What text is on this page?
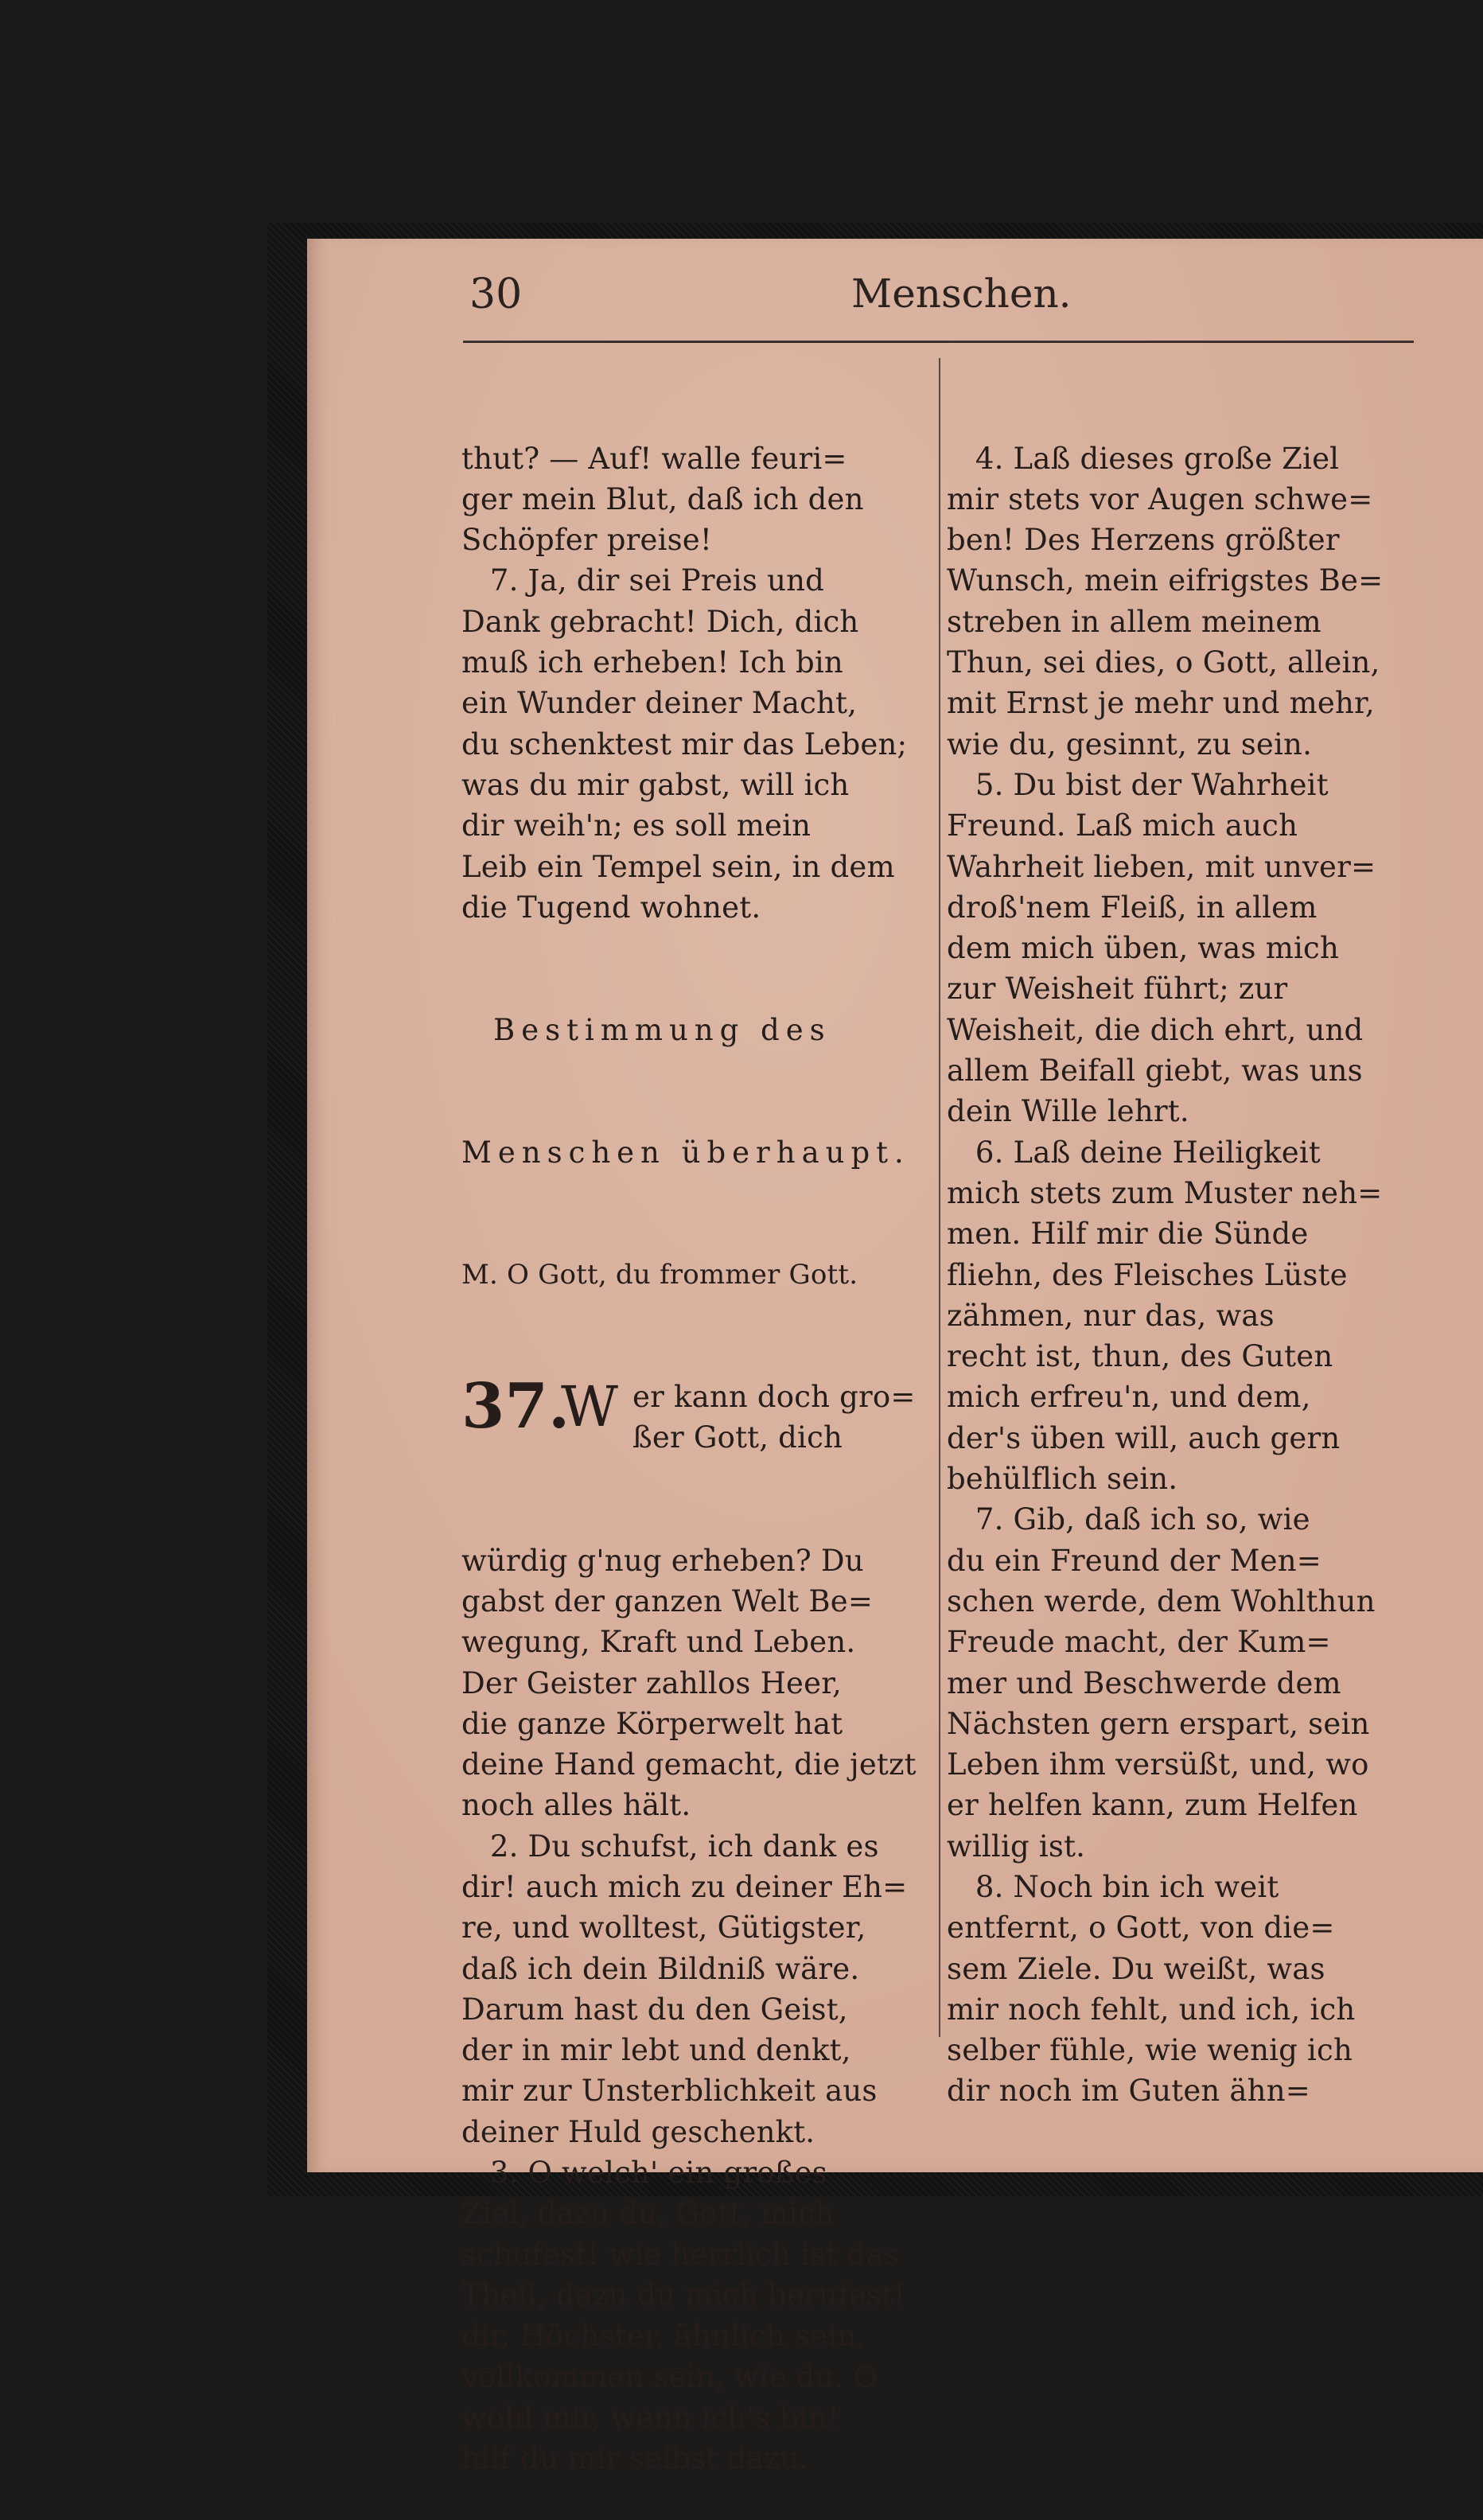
30	Menschen.

thut? — Auf! walle feuri=
ger mein Blut, daß ich den
Schöpfer preise!
7. Ja, dir sei Preis und
Dank gebracht! Dich, dich
muß ich erheben! Ich bin
ein Wunder deiner Macht,
du schenktest mir das Leben;
was du mir gabst, will ich
dir weih'n; es soll mein
Leib ein Tempel sein, in dem
die Tugend wohnet.

Bestimmung des

Menschen überhaupt.

M. O Gott, du frommer Gott.

37.

W

er kann doch gro=

ßer Gott, dich

würdig g'nug erheben? Du
gabst der ganzen Welt Be=
wegung, Kraft und Leben.
Der Geister zahllos Heer,
die ganze Körperwelt hat
deine Hand gemacht, die jetzt
noch alles hält.
2. Du schufst, ich dank es
dir! auch mich zu deiner Eh=
re, und wolltest, Gütigster,
daß ich dein Bildniß wäre.
Darum hast du den Geist,
der in mir lebt und denkt,
mir zur Unsterblichkeit aus
deiner Huld geschenkt.
3. O welch' ein großes
Ziel, dazu du, Gott, mich
schufest! wie herrlich ist das
Theil, dazu du mich berufest!
dir, Höchster, ähnlich sein,
vollkommen sein, wie du. O
wohl mir, wenn ich's bin!
hilf du mir selbst dazu.

4. Laß dieses große Ziel
mir stets vor Augen schwe=
ben! Des Herzens größter
Wunsch, mein eifrigstes Be=
streben in allem meinem
Thun, sei dies, o Gott, allein,
mit Ernst je mehr und mehr,
wie du, gesinnt, zu sein.
5. Du bist der Wahrheit
Freund. Laß mich auch
Wahrheit lieben, mit unver=
droß'nem Fleiß, in allem
dem mich üben, was mich
zur Weisheit führt; zur
Weisheit, die dich ehrt, und
allem Beifall giebt, was uns
dein Wille lehrt.
6. Laß deine Heiligkeit
mich stets zum Muster neh=
men. Hilf mir die Sünde
fliehn, des Fleisches Lüste
zähmen, nur das, was
recht ist, thun, des Guten
mich erfreu'n, und dem,
der's üben will, auch gern
behülflich sein.
7. Gib, daß ich so, wie
du ein Freund der Men=
schen werde, dem Wohlthun
Freude macht, der Kum=
mer und Beschwerde dem
Nächsten gern erspart, sein
Leben ihm versüßt, und, wo
er helfen kann, zum Helfen
willig ist.
8. Noch bin ich weit
entfernt, o Gott, von die=
sem Ziele. Du weißt, was
mir noch fehlt, und ich, ich
selber fühle, wie wenig ich
dir noch im Guten ähn=
